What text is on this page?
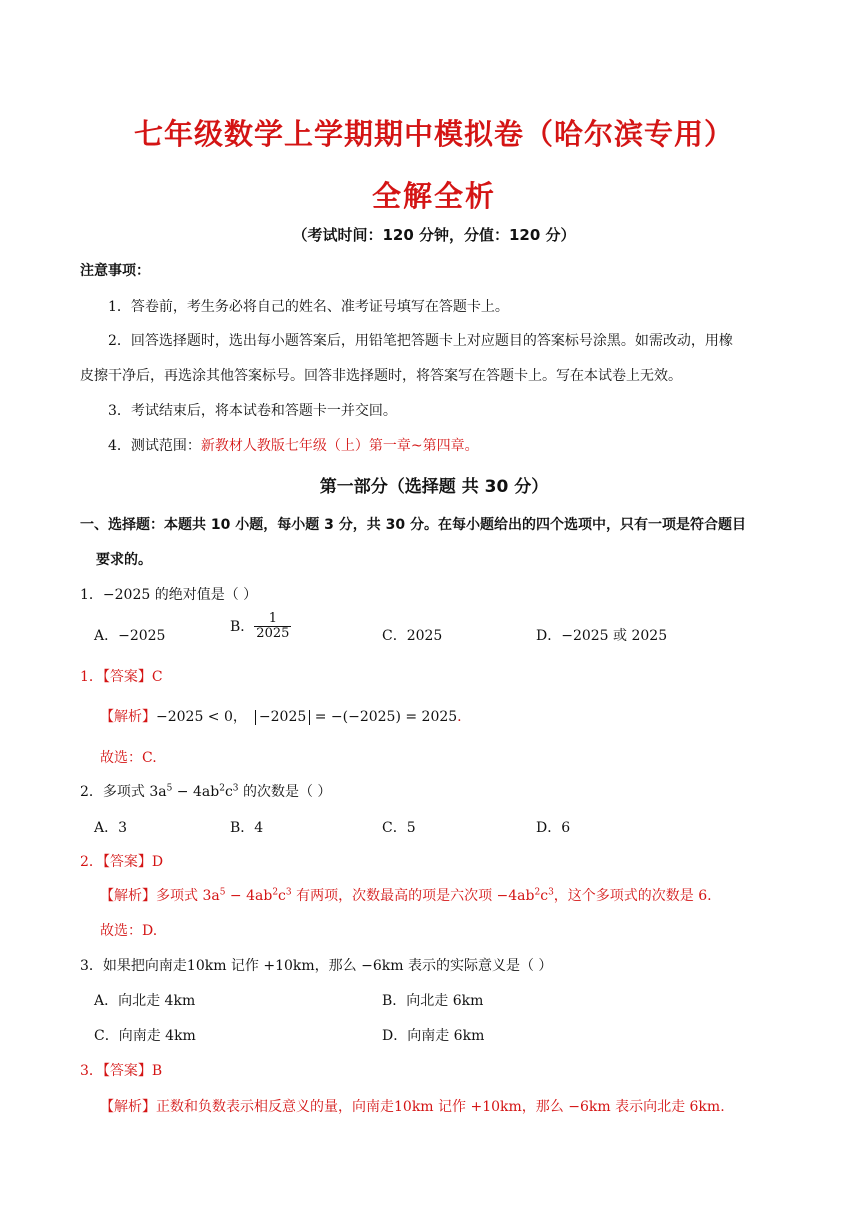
七年级数学上学期期中模拟卷（哈尔滨专用）
全解全析
（考试时间：120 分钟，分值：120 分）
注意事项：
1．答卷前，考生务必将自己的姓名、准考证号填写在答题卡上。
2．回答选择题时，选出每小题答案后，用铅笔把答题卡上对应题目的答案标号涂黑。如需改动，用橡
皮擦干净后，再选涂其他答案标号。回答非选择题时，将答案写在答题卡上。写在本试卷上无效。
3．考试结束后，将本试卷和答题卡一并交回。
4．测试范围：新教材人教版七年级（上）第一章~第四章。
第一部分（选择题 共 30 分）
一、选择题：本题共 10 小题，每小题 3 分，共 30 分。在每小题给出的四个选项中，只有一项是符合题目
要求的。
1．−2025 的绝对值是（ ）
A．−2025
B． $\frac{1}{2025}$	C．2025	D．−2025 或 2025
1．【答案】C
【解析】−2025 < 0， −2025 = −(−2025) = 2025.
故选：C.
2．多项式 $3a^5 - 4ab^2c^3$ 的次数是（ ）
A．3	B．4	C．5	D．6
2．【答案】D
【解析】多项式 $3a^5 - 4ab^2c^3$ 有两项，次数最高的项是六次项 $-4ab^2c^3$，这个多项式的次数是 6.
故选：D.
3．如果把向南走10km 记作 +10km，那么 −6km 表示的实际意义是（ ）
A．向北走 4km	B．向北走 6km
C．向南走 4km	D．向南走 6km
3．【答案】B
【解析】正数和负数表示相反意义的量，向南走10km 记作 +10km，那么 −6km 表示向北走 6km.
